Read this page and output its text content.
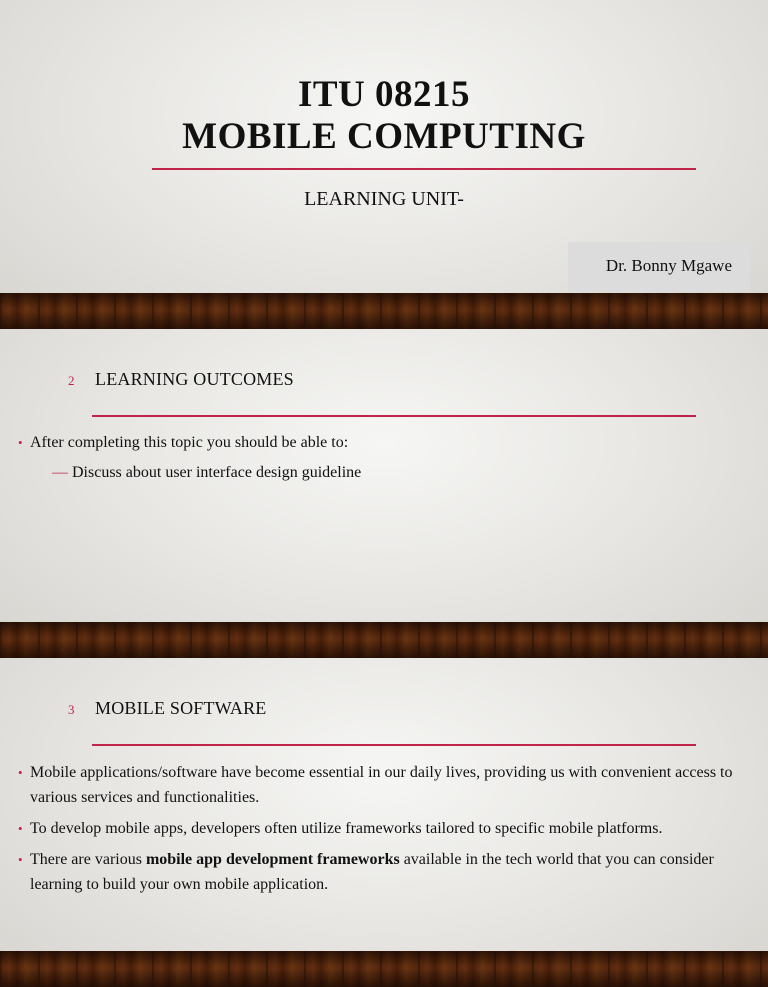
ITU 08215
MOBILE COMPUTING
LEARNING UNIT-
Dr. Bonny Mgawe
2 LEARNING OUTCOMES
• After completing this topic you should be able to:
— Discuss about user interface design guideline
3 MOBILE SOFTWARE
• Mobile applications/software have become essential in our daily lives, providing us with convenient access to various services and functionalities.
• To develop mobile apps, developers often utilize frameworks tailored to specific mobile platforms.
• There are various mobile app development frameworks available in the tech world that you can consider learning to build your own mobile application.
